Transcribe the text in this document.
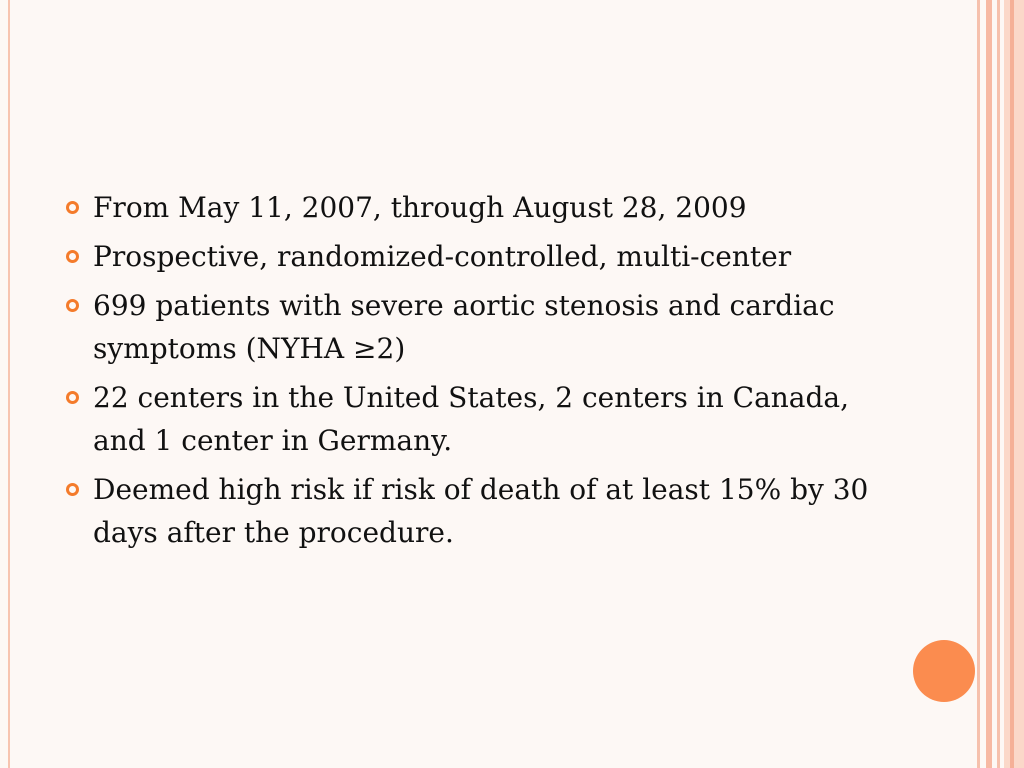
From May 11, 2007, through August 28, 2009
Prospective, randomized-controlled, multi-center
699 patients with severe aortic stenosis and cardiac symptoms (NYHA ≥2)
22 centers in the United States, 2 centers in Canada, and 1 center in Germany.
Deemed high risk if risk of death of at least 15% by 30 days after the procedure.
